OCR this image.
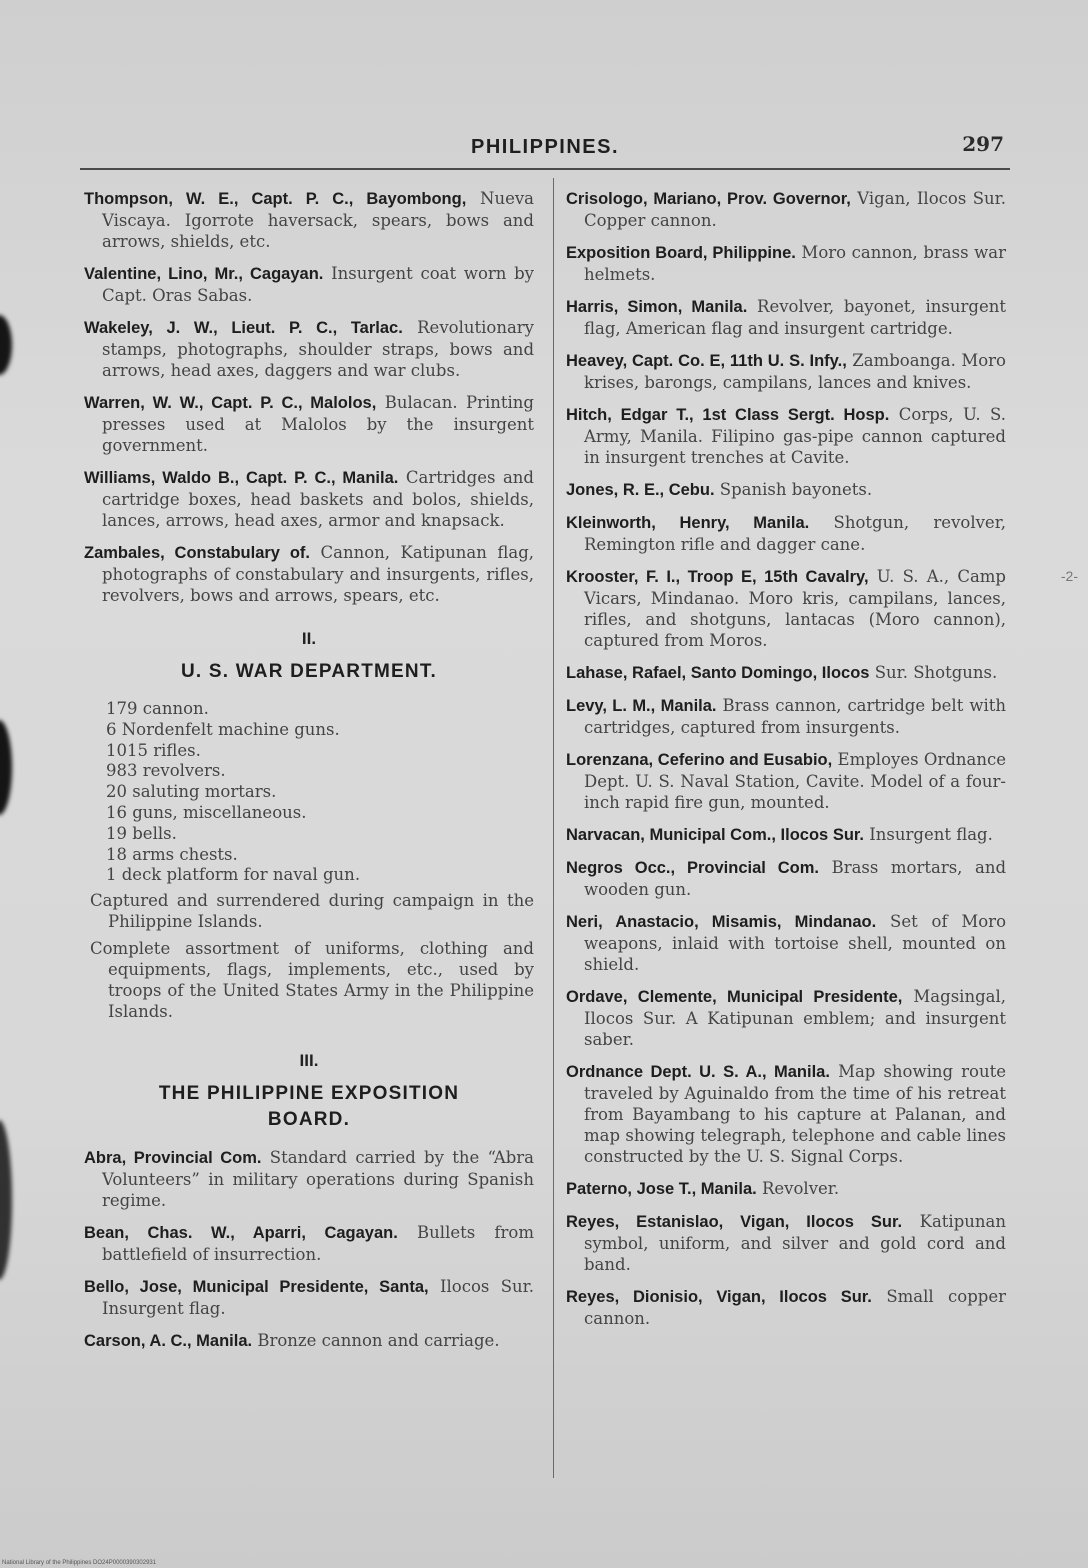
PHILIPPINES.	297

Thompson, W. E., Capt. P. C., Bayombong, Nueva Viscaya. Igorrote haversack, spears, bows and arrows, shields, etc.

Valentine, Lino, Mr., Cagayan. Insurgent coat worn by Capt. Oras Sabas.

Wakeley, J. W., Lieut. P. C., Tarlac. Revolutionary stamps, photographs, shoulder straps, bows and arrows, head axes, daggers and war clubs.

Warren, W. W., Capt. P. C., Malolos, Bulacan. Printing presses used at Malolos by the insurgent government.

Williams, Waldo B., Capt. P. C., Manila. Cartridges and cartridge boxes, head baskets and bolos, shields, lances, arrows, head axes, armor and knapsack.

Zambales, Constabulary of. Cannon, Katipunan flag, photographs of constabulary and insurgents, rifles, revolvers, bows and arrows, spears, etc.

II.
U. S. WAR DEPARTMENT.
179 cannon.
6 Nordenfelt machine guns.
1015 rifles.
983 revolvers.
20 saluting mortars.
16 guns, miscellaneous.
19 bells.
18 arms chests.
1 deck platform for naval gun.

Captured and surrendered during campaign in the Philippine Islands.

Complete assortment of uniforms, clothing and equipments, flags, implements, etc., used by troops of the United States Army in the Philippine Islands.

III.
THE PHILIPPINE EXPOSITION BOARD.

Abra, Provincial Com. Standard carried by the “Abra Volunteers” in military operations during Spanish regime.

Bean, Chas. W., Aparri, Cagayan. Bullets from battlefield of insurrection.

Bello, Jose, Municipal Presidente, Santa, Ilocos Sur. Insurgent flag.

Carson, A. C., Manila. Bronze cannon and carriage.

Crisologo, Mariano, Prov. Governor, Vigan, Ilocos Sur. Copper cannon.

Exposition Board, Philippine. Moro cannon, brass war helmets.

Harris, Simon, Manila. Revolver, bayonet, insurgent flag, American flag and insurgent cartridge.

Heavey, Capt. Co. E, 11th U. S. Infy., Zamboanga. Moro krises, barongs, campilans, lances and knives.

Hitch, Edgar T., 1st Class Sergt. Hosp. Corps, U. S. Army, Manila. Filipino gas-pipe cannon captured in insurgent trenches at Cavite.

Jones, R. E., Cebu. Spanish bayonets.

Kleinworth, Henry, Manila. Shotgun, revolver, Remington rifle and dagger cane.

Krooster, F. I., Troop E, 15th Cavalry, U. S. A., Camp Vicars, Mindanao. Moro kris, campilans, lances, rifles, and shotguns, lantacas (Moro cannon), captured from Moros.

Lahase, Rafael, Santo Domingo, Ilocos Sur. Shotguns.

Levy, L. M., Manila. Brass cannon, cartridge belt with cartridges, captured from insurgents.

Lorenzana, Ceferino and Eusabio, Employes Ordnance Dept. U. S. Naval Station, Cavite. Model of a four-inch rapid fire gun, mounted.

Narvacan, Municipal Com., Ilocos Sur. Insurgent flag.

Negros Occ., Provincial Com. Brass mortars, and wooden gun.

Neri, Anastacio, Misamis, Mindanao. Set of Moro weapons, inlaid with tortoise shell, mounted on shield.

Ordave, Clemente, Municipal Presidente, Magsingal, Ilocos Sur. A Katipunan emblem; and insurgent saber.

Ordnance Dept. U. S. A., Manila. Map showing route traveled by Aguinaldo from the time of his retreat from Bayambang to his capture at Palanan, and map showing telegraph, telephone and cable lines constructed by the U. S. Signal Corps.

Paterno, Jose T., Manila. Revolver.

Reyes, Estanislao, Vigan, Ilocos Sur. Katipunan symbol, uniform, and silver and gold cord and band.

Reyes, Dionisio, Vigan, Ilocos Sur. Small copper cannon.

-2-
National Library of the Philippines DO24P0000390302931
